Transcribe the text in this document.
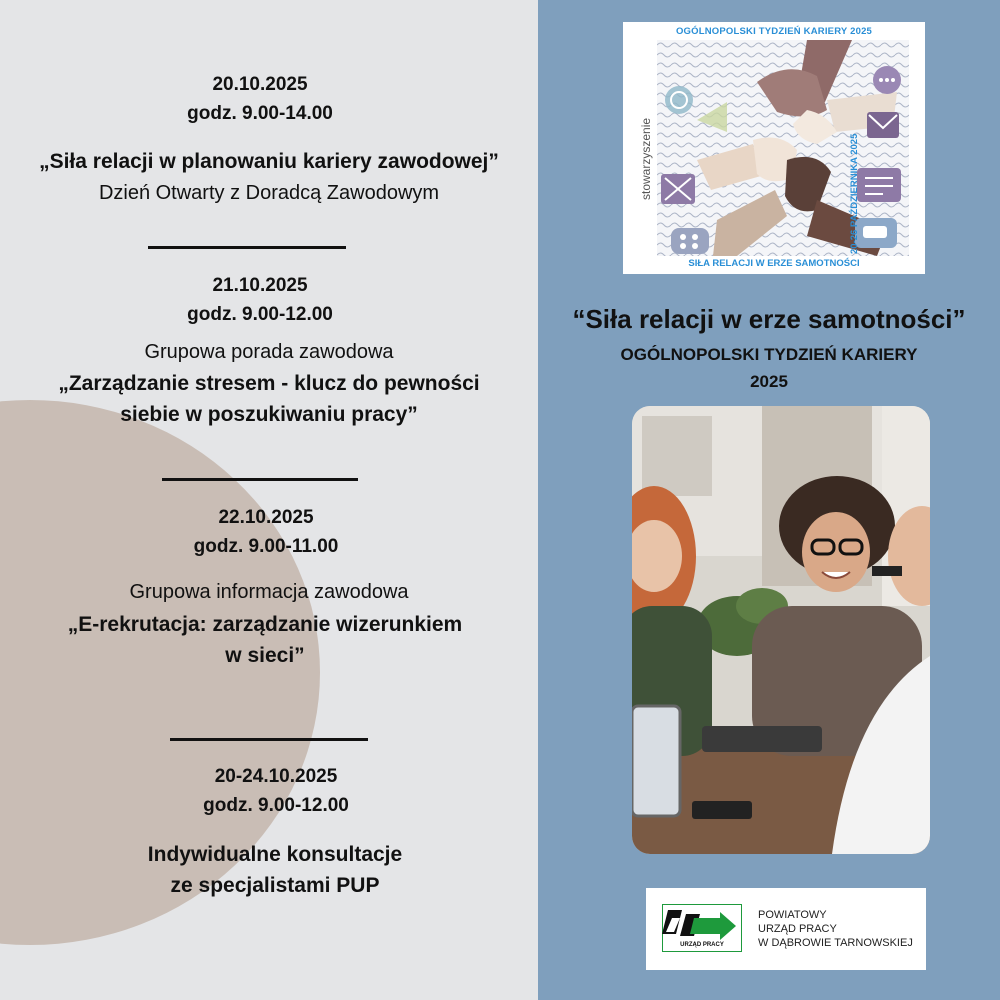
20.10.2025
godz. 9.00-14.00
„Siła relacji w planowaniu kariery zawodowej”
Dzień Otwarty z Doradcą Zawodowym
21.10.2025
godz. 9.00-12.00
Grupowa porada zawodowa
„Zarządzanie stresem - klucz do pewności
siebie w poszukiwaniu pracy”
22.10.2025
godz. 9.00-11.00
Grupowa informacja zawodowa
„E-rekrutacja: zarządzanie wizerunkiem
w sieci”
20-24.10.2025
godz. 9.00-12.00
Indywidualne konsultacje
ze specjalistami PUP
OGÓLNOPOLSKI TYDZIEŃ KARIERY 2025
stowarzyszenie	20-26 PAŹDZIERNIKA 2025
SIŁA RELACJI W ERZE SAMOTNOŚCI
“Siła relacji w erze samotności”
OGÓLNOPOLSKI TYDZIEŃ KARIERY
2025
URZĄD PRACY
POWIATOWY
URZĄD PRACY
W DĄBROWIE TARNOWSKIEJ
